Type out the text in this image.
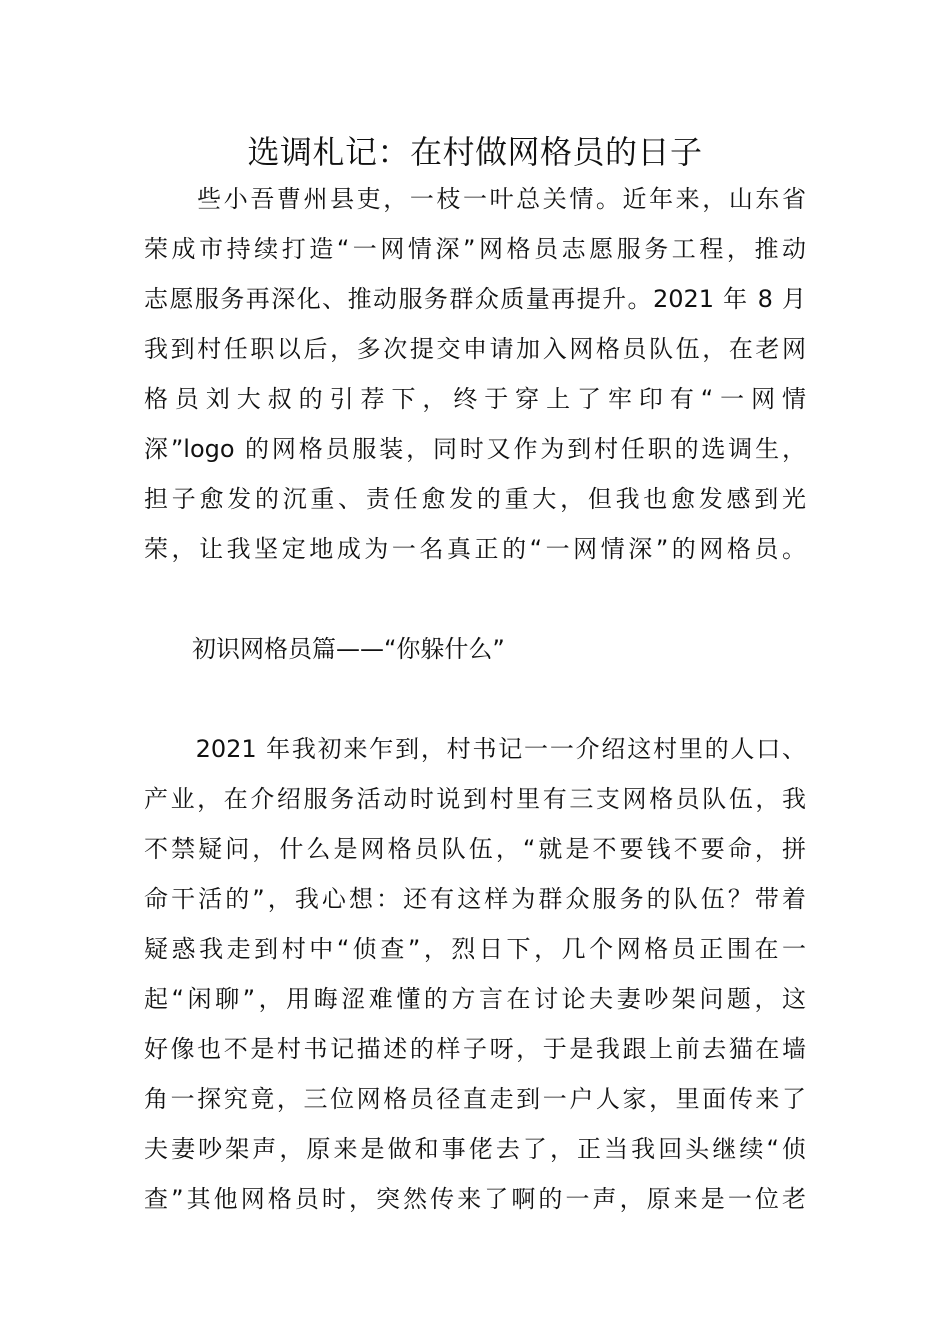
选调札记：在村做网格员的日子
　　些小吾曹州县吏，一枝一叶总关情。近年来，山东省
荣成市持续打造“一网情深”网格员志愿服务工程，推动
志愿服务再深化、推动服务群众质量再提升。2021 年 8 月
我到村任职以后，多次提交申请加入网格员队伍，在老网
格员刘大叔的引荐下，终于穿上了牢印有“一网情
深”logo 的网格员服装，同时又作为到村任职的选调生，
担子愈发的沉重、责任愈发的重大，但我也愈发感到光
荣，让我坚定地成为一名真正的“一网情深”的网格员。
　　初识网格员篇——“你躲什么”
　　2021 年我初来乍到，村书记一一介绍这村里的人口、
产业，在介绍服务活动时说到村里有三支网格员队伍，我
不禁疑问，什么是网格员队伍，“就是不要钱不要命，拼
命干活的”，我心想：还有这样为群众服务的队伍？带着
疑惑我走到村中“侦查”，烈日下，几个网格员正围在一
起“闲聊”，用晦涩难懂的方言在讨论夫妻吵架问题，这
好像也不是村书记描述的样子呀，于是我跟上前去猫在墙
角一探究竟，三位网格员径直走到一户人家，里面传来了
夫妻吵架声，原来是做和事佬去了，正当我回头继续“侦
查”其他网格员时，突然传来了啊的一声，原来是一位老
